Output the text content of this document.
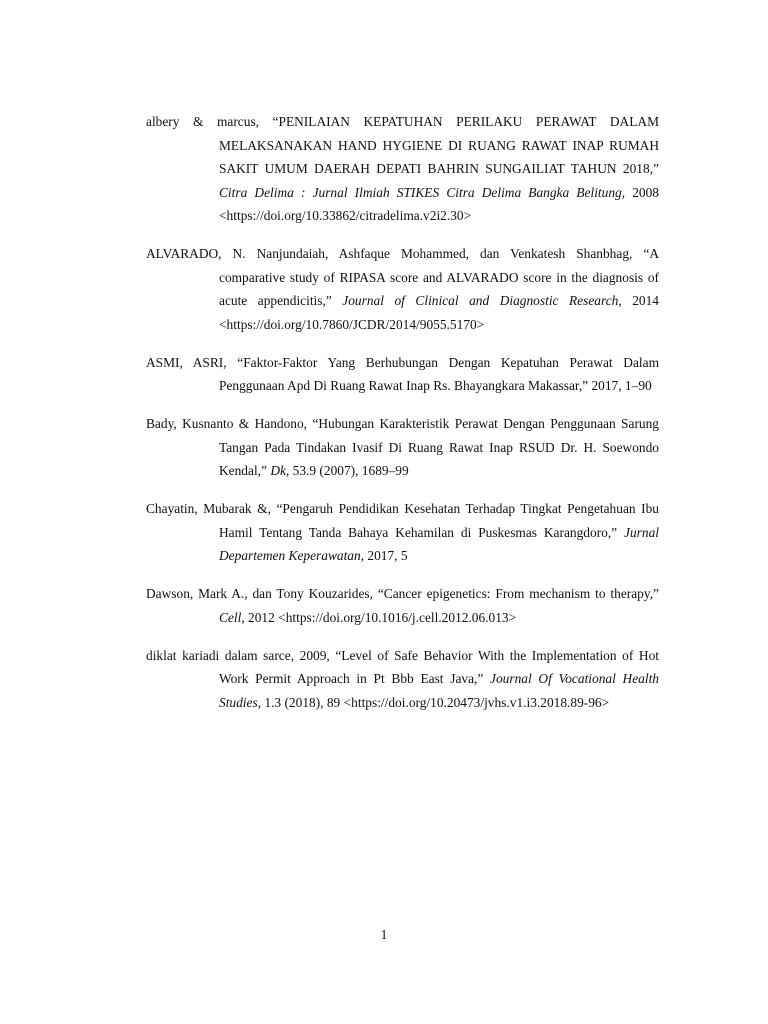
albery & marcus, “PENILAIAN KEPATUHAN PERILAKU PERAWAT DALAM MELAKSANAKAN HAND HYGIENE DI RUANG RAWAT INAP RUMAH SAKIT UMUM DAERAH DEPATI BAHRIN SUNGAILIAT TAHUN 2018,” Citra Delima : Jurnal Ilmiah STIKES Citra Delima Bangka Belitung, 2008 <https://doi.org/10.33862/citradelima.v2i2.30>

ALVARADO, N. Nanjundaiah, Ashfaque Mohammed, dan Venkatesh Shanbhag, “A comparative study of RIPASA score and ALVARADO score in the diagnosis of acute appendicitis,” Journal of Clinical and Diagnostic Research, 2014 <https://doi.org/10.7860/JCDR/2014/9055.5170>

ASMI, ASRI, “Faktor-Faktor Yang Berhubungan Dengan Kepatuhan Perawat Dalam Penggunaan Apd Di Ruang Rawat Inap Rs. Bhayangkara Makassar,” 2017, 1–90

Bady, Kusnanto & Handono, “Hubungan Karakteristik Perawat Dengan Penggunaan Sarung Tangan Pada Tindakan Ivasif Di Ruang Rawat Inap RSUD Dr. H. Soewondo Kendal,” Dk, 53.9 (2007), 1689–99

Chayatin, Mubarak &, “Pengaruh Pendidikan Kesehatan Terhadap Tingkat Pengetahuan Ibu Hamil Tentang Tanda Bahaya Kehamilan di Puskesmas Karangdoro,” Jurnal Departemen Keperawatan, 2017, 5

Dawson, Mark A., dan Tony Kouzarides, “Cancer epigenetics: From mechanism to therapy,” Cell, 2012 <https://doi.org/10.1016/j.cell.2012.06.013>

diklat kariadi dalam sarce, 2009, “Level of Safe Behavior With the Implementation of Hot Work Permit Approach in Pt Bbb East Java,” Journal Of Vocational Health Studies, 1.3 (2018), 89 <https://doi.org/10.20473/jvhs.v1.i3.2018.89-96>

1
